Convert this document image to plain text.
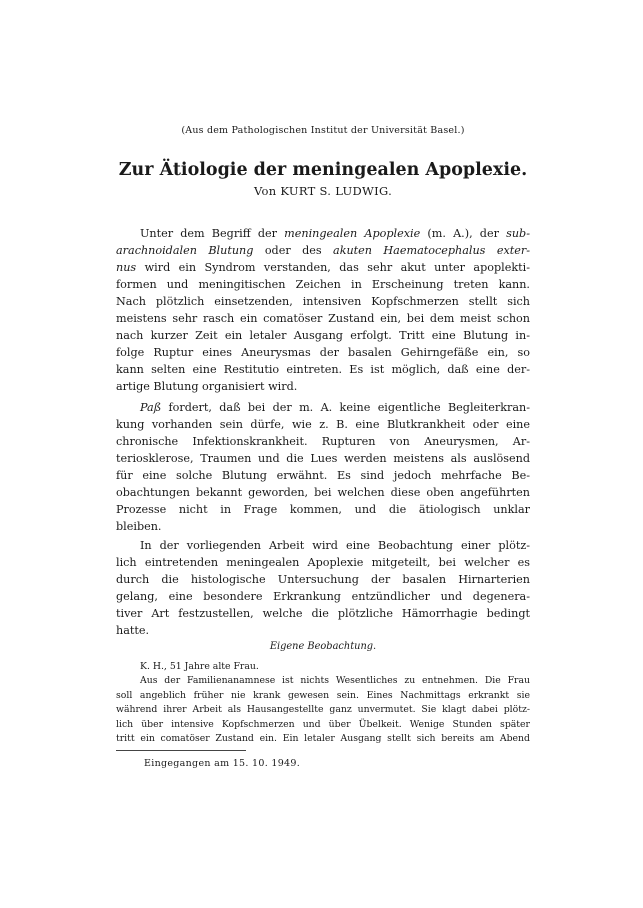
(Aus dem Pathologischen Institut der Universität Basel.)
Zur Ätiologie der meningealen Apoplexie.
Von KURT S. LUDWIG.
Unter dem Begriff der meningealen Apoplexie (m. A.), der sub-
arachnoidalen Blutung oder des akuten Haematocephalus exter-
nus wird ein Syndrom verstanden, das sehr akut unter apoplekti-
formen und meningitischen Zeichen in Erscheinung treten kann.
Nach plötzlich einsetzenden, intensiven Kopfschmerzen stellt sich
meistens sehr rasch ein comatöser Zustand ein, bei dem meist schon
nach kurzer Zeit ein letaler Ausgang erfolgt. Tritt eine Blutung in-
folge Ruptur eines Aneurysmas der basalen Gehirngefäße ein, so
kann selten eine Restitutio eintreten. Es ist möglich, daß eine der-
artige Blutung organisiert wird.
Paß fordert, daß bei der m. A. keine eigentliche Begleiterkran-
kung vorhanden sein dürfe, wie z. B. eine Blutkrankheit oder eine
chronische Infektionskrankheit. Rupturen von Aneurysmen, Ar-
teriosklerose, Traumen und die Lues werden meistens als auslösend
für eine solche Blutung erwähnt. Es sind jedoch mehrfache Be-
obachtungen bekannt geworden, bei welchen diese oben angeführten
Prozesse nicht in Frage kommen, und die ätiologisch unklar
bleiben.
In der vorliegenden Arbeit wird eine Beobachtung einer plötz-
lich eintretenden meningealen Apoplexie mitgeteilt, bei welcher es
durch die histologische Untersuchung der basalen Hirnarterien
gelang, eine besondere Erkrankung entzündlicher und degenera-
tiver Art festzustellen, welche die plötzliche Hämorrhagie bedingt
hatte.
Eigene Beobachtung.
K. H., 51 Jahre alte Frau.
Aus der Familienanamnese ist nichts Wesentliches zu entnehmen. Die Frau
soll angeblich früher nie krank gewesen sein. Eines Nachmittags erkrankt sie
während ihrer Arbeit als Hausangestellte ganz unvermutet. Sie klagt dabei plötz-
lich über intensive Kopfschmerzen und über Übelkeit. Wenige Stunden später
tritt ein comatöser Zustand ein. Ein letaler Ausgang stellt sich bereits am Abend
Eingegangen am 15. 10. 1949.
